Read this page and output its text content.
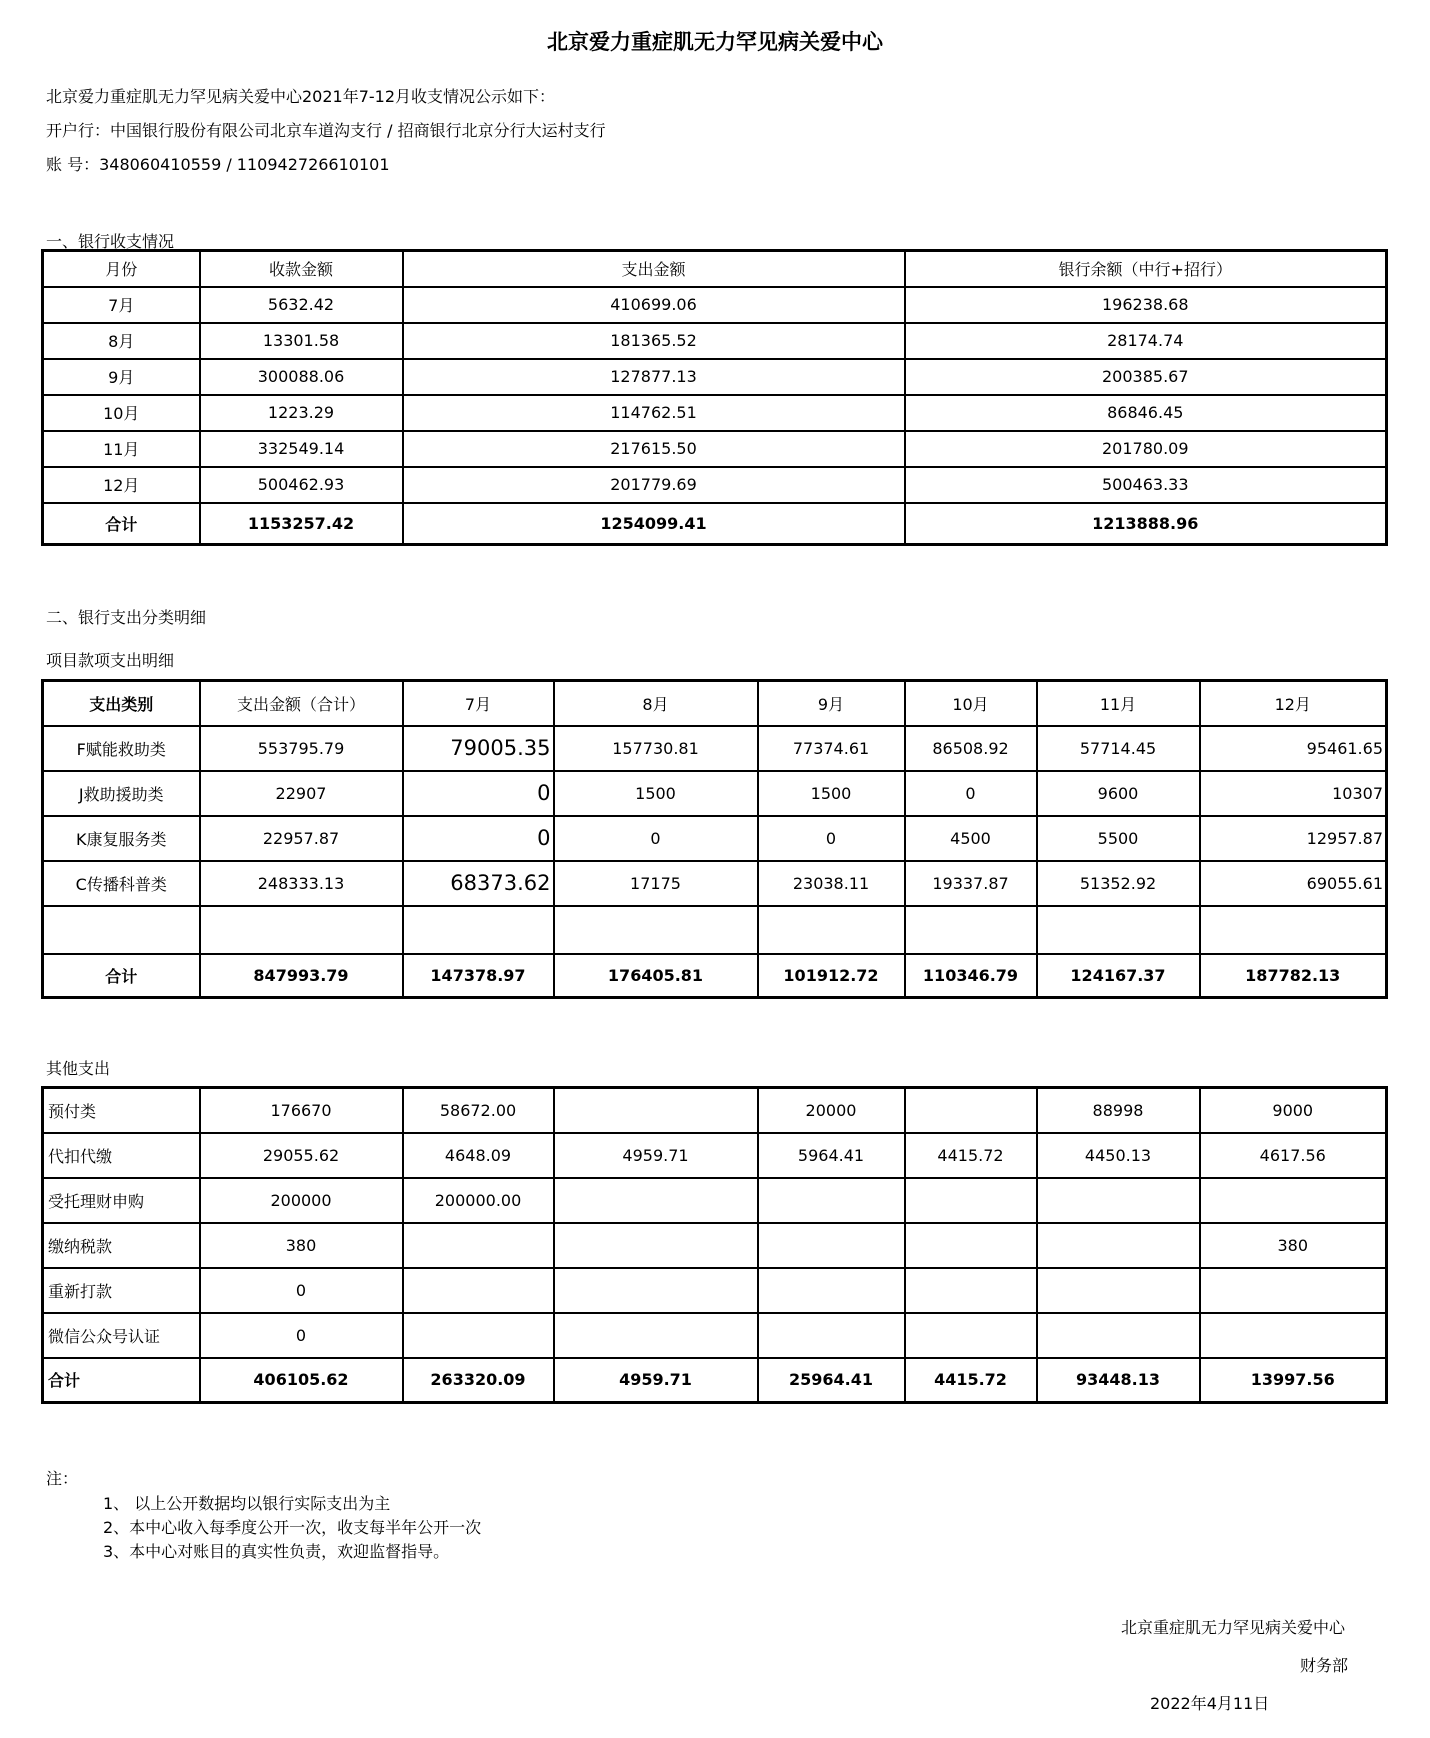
北京爱力重症肌无力罕见病关爱中心
北京爱力重症肌无力罕见病关爱中心2021年7-12月收支情况公示如下：
开户行：中国银行股份有限公司北京车道沟支行 / 招商银行北京分行大运村支行
账 号：348060410559 / 110942726610101
一、银行收支情况
月份	收款金额	支出金额	银行余额（中行+招行）
7月	5632.42	410699.06	196238.68
8月	13301.58	181365.52	28174.74
9月	300088.06	127877.13	200385.67
10月	1223.29	114762.51	86846.45
11月	332549.14	217615.50	201780.09
12月	500462.93	201779.69	500463.33
合计	1153257.42	1254099.41	1213888.96
二、银行支出分类明细
项目款项支出明细
支出类别	支出金额（合计）	7月	8月	9月	10月	11月	12月
F赋能救助类	553795.79	79005.35	157730.81	77374.61	86508.92	57714.45	95461.65
J救助援助类	22907	0	1500	1500	0	9600	10307
K康复服务类	22957.87	0	0	0	4500	5500	12957.87
C传播科普类	248333.13	68373.62	17175	23038.11	19337.87	51352.92	69055.61

合计	847993.79	147378.97	176405.81	101912.72	110346.79	124167.37	187782.13
其他支出
预付类	176670	58672.00		20000		88998	9000
代扣代缴	29055.62	4648.09	4959.71	5964.41	4415.72	4450.13	4617.56
受托理财申购	200000	200000.00					
缴纳税款	380						380
重新打款	0						
微信公众号认证	0						
合计	406105.62	263320.09	4959.71	25964.41	4415.72	93448.13	13997.56
注：
1、 以上公开数据均以银行实际支出为主
2、本中心收入每季度公开一次，收支每半年公开一次
3、本中心对账目的真实性负责，欢迎监督指导。
北京重症肌无力罕见病关爱中心
财务部
2022年4月11日
